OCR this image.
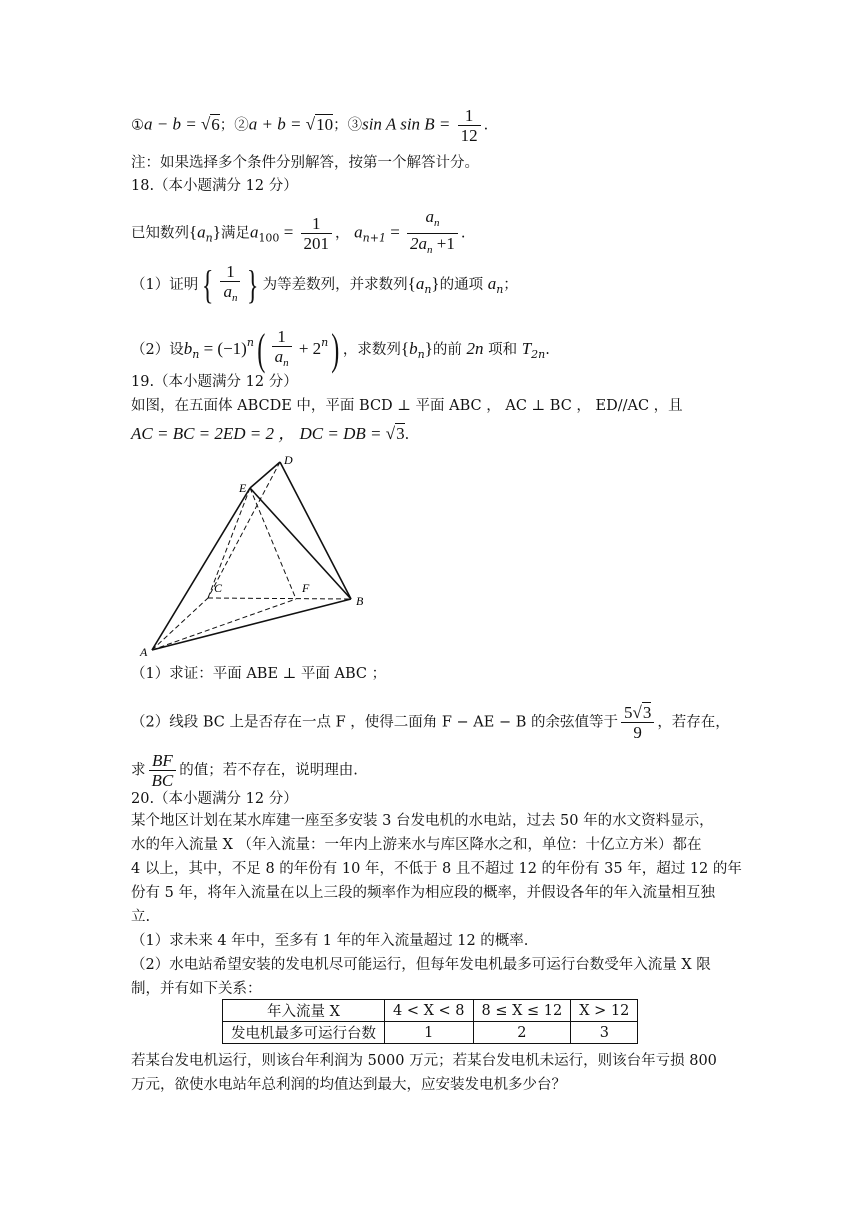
①a − b = √6；②a + b = √10；③sin A $\sin B = \frac{1}{12}$ .
注：如果选择多个条件分别解答，按第一个解答计分。
18.（本小题满分 12 分）
已知数列$\{a_n\}$满足$a_{100} = \frac{1}{201}$ ， $a_{n+1} = \frac{a_n}{2a_n +1}$ .
（1）证明{ $\frac{1}{a_n}$ } 为等差数列，并求数列$\{a_n\}$的通项 $a_n$；
（2）设$b_n = (-1)^n( \frac{1}{a_n} + 2^n)$ ，求数列$\{b_n\}$的前 2n 项和 $T_{2n}$.
19.（本小题满分 12 分）
如图，在五面体 ABCDE 中，平面 BCD ⊥ 平面 ABC ， AC ⊥ BC ， ED//AC ，且
AC = BC = 2ED = 2 ， DC = DB = √3.
D
E
C	F
B
A
（1）求证：平面 ABE ⊥ 平面 ABC ；
（2）线段 BC 上是否存在一点 F ，使得二面角 F − AE − B 的余弦值等于 $\frac{5√3}{9}$ ，若存在，
求 $\frac{BF}{BC}$ 的值；若不存在，说明理由.
20.（本小题满分 12 分）
某个地区计划在某水库建一座至多安装 3 台发电机的水电站，过去 50 年的水文资料显示，
水的年入流量 X （年入流量：一年内上游来水与库区降水之和，单位：十亿立方米）都在
4 以上，其中，不足 8 的年份有 10 年，不低于 8 且不超过 12 的年份有 35 年，超过 12 的年
份有 5 年，将年入流量在以上三段的频率作为相应段的概率，并假设各年的年入流量相互独
立.
（1）求未来 4 年中，至多有 1 年的年入流量超过 12 的概率.
（2）水电站希望安装的发电机尽可能运行，但每年发电机最多可运行台数受年入流量 X 限
制，并有如下关系：
年入流量 X	4 < X < 8	8 ≤ X ≤ 12	X > 12
发电机最多可运行台数	1	2	3
若某台发电机运行，则该台年利润为 5000 万元；若某台发电机未运行，则该台年亏损 800
万元，欲使水电站年总利润的均值达到最大，应安装发电机多少台？
